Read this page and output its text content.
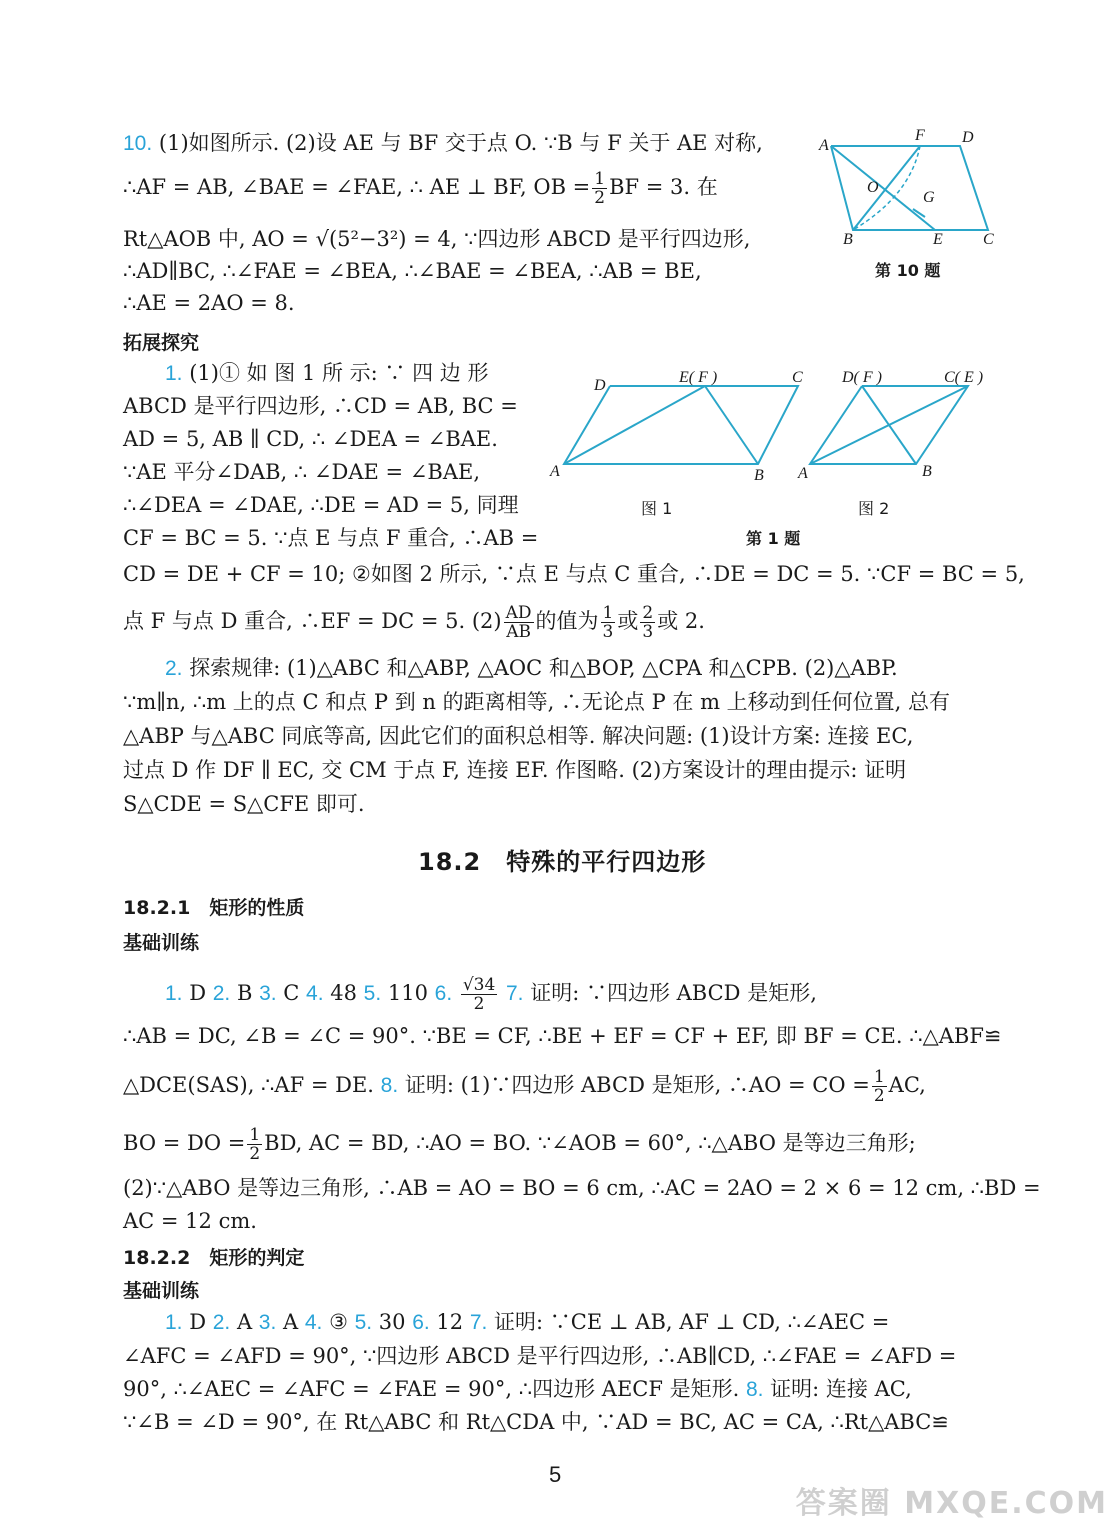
10. (1)如图所示. (2)设 AE 与 BF 交于点 O. ∵B 与 F 关于 AE 对称,
∴AF = AB, ∠BAE = ∠FAE, ∴ AE ⊥ BF, OB = $\frac{1}{2}$ BF = 3. 在
Rt△AOB 中, AO = √(5²−3²) = 4, ∵四边形 ABCD 是平行四边形,
∴AD∥BC, ∴∠FAE = ∠BEA, ∴∠BAE = ∠BEA, ∴AB = BE,
∴AE = 2AO = 8.
A
F D
O
G
B	E	C
第 10 题
拓展探究
1. (1)① 如 图 1 所 示: ∵ 四 边 形
ABCD 是平行四边形, ∴CD = AB, BC =
AD = 5, AB ∥ CD, ∴ ∠DEA = ∠BAE.
∵AE 平分∠DAB, ∴ ∠DAE = ∠BAE,
∴∠DEA = ∠DAE, ∴DE = AD = 5, 同理
CF = BC = 5. ∵点 E 与点 F 重合, ∴AB =
CD = DE + CF = 10; ②如图 2 所示, ∵点 E 与点 C 重合, ∴DE = DC = 5. ∵CF = BC = 5,
点 F 与点 D 重合, ∴EF = DC = 5. $(2) \frac{AD}{AB}$ 的值为 $\frac{1}{3}$ 或 $\frac{2}{3}$ 或 2.
D	E( F )	C
A	B
D( F )	C( E )
A	B
图 1	图 2
第 1 题
2. 探索规律: (1)△ABC 和△ABP, △AOC 和△BOP, △CPA 和△CPB. (2)△ABP.
∵m∥n, ∴m 上的点 C 和点 P 到 n 的距离相等, ∴无论点 P 在 m 上移动到任何位置, 总有
△ABP 与△ABC 同底等高, 因此它们的面积总相等. 解决问题: (1)设计方案: 连接 EC,
过点 D 作 DF ∥ EC, 交 CM 于点 F, 连接 EF. 作图略. (2)方案设计的理由提示: 证明
S△CDE = S△CFE 即可.
18.2　特殊的平行四边形
18.2.1　矩形的性质
基础训练
1. D 2. B 3. C 4. 48 5. 110 6. $\frac{√34}{2} 7$. 证明: ∵四边形 ABCD 是矩形,
∴AB = DC, ∠B = ∠C = 90°. ∵BE = CF, ∴BE + EF = CF + EF, 即 BF = CE. ∴△ABF≌
△DCE(SAS), ∴AF = DE. 8. 证明: (1)∵四边形 ABCD 是矩形, ∴AO = CO = $\frac{1}{2}$ AC,
BO = DO = $\frac{1}{2}$ BD, AC = BD, ∴AO = BO. ∵∠AOB = 60°, ∴△ABO 是等边三角形;
(2)∵△ABO 是等边三角形, ∴AB = AO = BO = 6 cm, ∴AC = 2AO = 2 × 6 = 12 cm, ∴BD =
AC = 12 cm.
18.2.2　矩形的判定
基础训练
1. D 2. A 3. A 4. ③ 5. 30 6. 12 7. 证明: ∵CE ⊥ AB, AF ⊥ CD, ∴∠AEC =
∠AFC = ∠AFD = 90°, ∵四边形 ABCD 是平行四边形, ∴AB∥CD, ∴∠FAE = ∠AFD =
90°, ∴∠AEC = ∠AFC = ∠FAE = 90°, ∴四边形 AECF 是矩形. 8. 证明: 连接 AC,
∵∠B = ∠D = 90°, 在 Rt△ABC 和 Rt△CDA 中, ∵AD = BC, AC = CA, ∴Rt△ABC≌
5
答案圈 MXQE.COM
